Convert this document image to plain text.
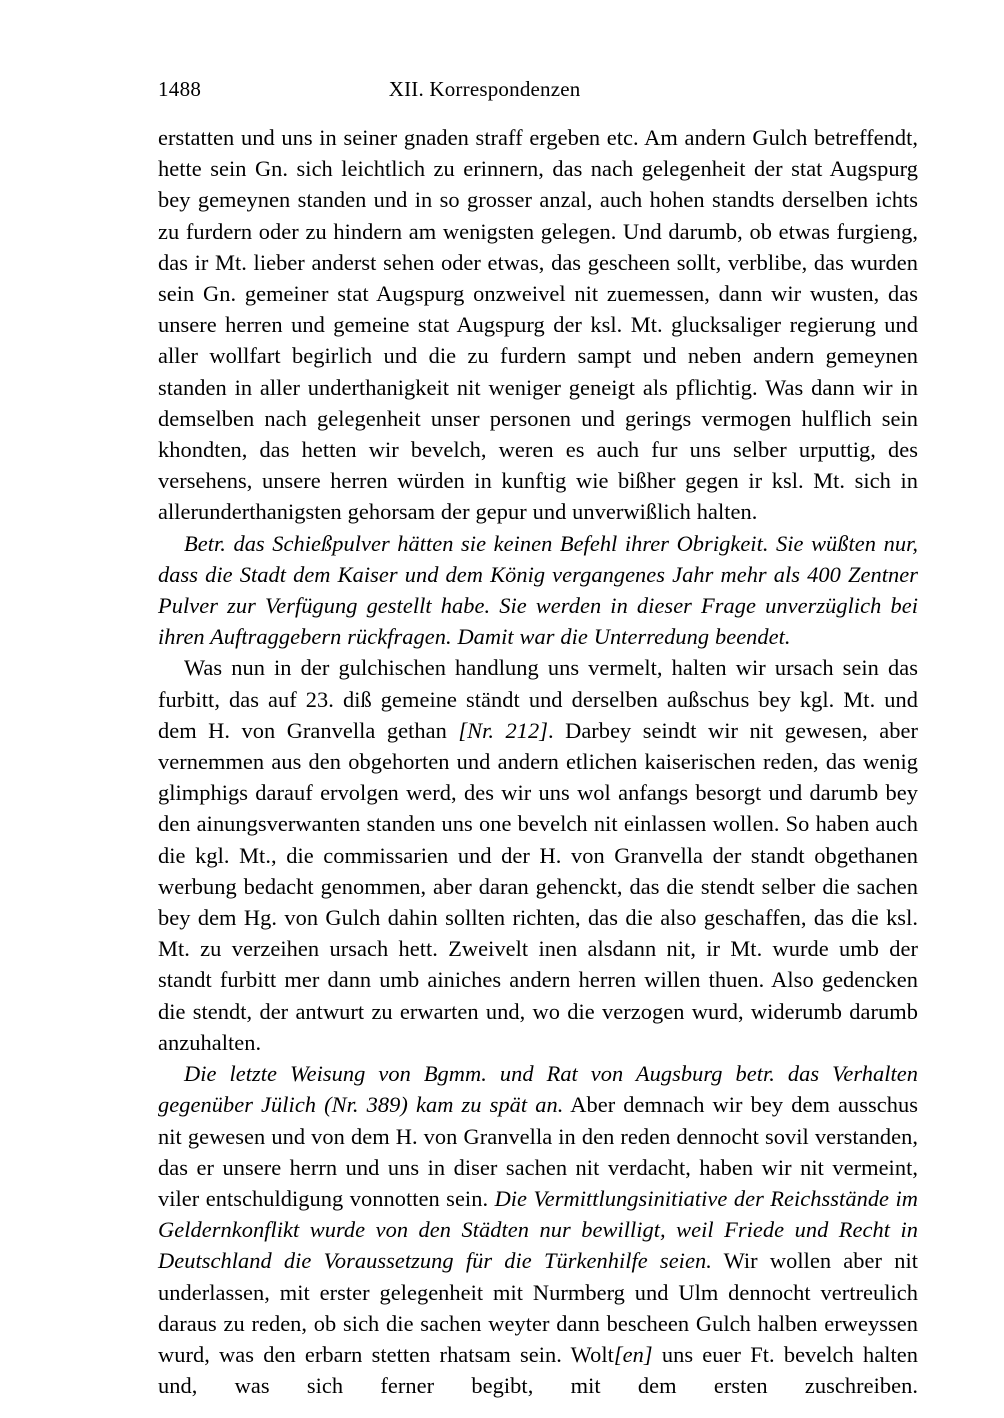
1488	XII. Korrespondenzen

erstatten und uns in seiner gnaden straff ergeben etc. Am andern Gulch betreffendt, hette sein Gn. sich leichtlich zu erinnern, das nach gelegenheit der stat Augspurg bey gemeynen standen und in so grosser anzal, auch hohen standts derselben ichts zu furdern oder zu hindern am wenigsten gelegen. Und darumb, ob etwas furgieng, das ir Mt. lieber anderst sehen oder etwas, das gescheen sollt, verblibe, das wurden sein Gn. gemeiner stat Augspurg onzweivel nit zuemessen, dann wir wusten, das unsere herren und gemeine stat Augspurg der ksl. Mt. glucksaliger regierung und aller wollfart begirlich und die zu furdern sampt und neben andern gemeynen standen in aller underthanigkeit nit weniger geneigt als pflichtig. Was dann wir in demselben nach gelegenheit unser personen und gerings vermogen hulflich sein khondten, das hetten wir bevelch, weren es auch fur uns selber urputtig, des versehens, unsere herren würden in kunftig wie bißher gegen ir ksl. Mt. sich in allerunderthanigsten gehorsam der gepur und unverwißlich halten.

Betr. das Schießpulver hätten sie keinen Befehl ihrer Obrigkeit. Sie wüßten nur, dass die Stadt dem Kaiser und dem König vergangenes Jahr mehr als 400 Zentner Pulver zur Verfügung gestellt habe. Sie werden in dieser Frage unverzüglich bei ihren Auftraggebern rückfragen. Damit war die Unterredung beendet.

Was nun in der gulchischen handlung uns vermelt, halten wir ursach sein das furbitt, das auf 23. diß gemeine ständt und derselben außschus bey kgl. Mt. und dem H. von Granvella gethan [Nr. 212]. Darbey seindt wir nit gewesen, aber vernemmen aus den obgehorten und andern etlichen kaiserischen reden, das wenig glimphigs darauf ervolgen werd, des wir uns wol anfangs besorgt und darumb bey den ainungsverwanten standen uns one bevelch nit einlassen wollen. So haben auch die kgl. Mt., die commissarien und der H. von Granvella der standt obgethanen werbung bedacht genommen, aber daran gehenckt, das die stendt selber die sachen bey dem Hg. von Gulch dahin sollten richten, das die also geschaffen, das die ksl. Mt. zu verzeihen ursach hett. Zweivelt inen alsdann nit, ir Mt. wurde umb der standt furbitt mer dann umb ainiches andern herren willen thuen. Also gedencken die stendt, der antwurt zu erwarten und, wo die verzogen wurd, widerumb darumb anzuhalten.

Die letzte Weisung von Bgmm. und Rat von Augsburg betr. das Verhalten gegenüber Jülich (Nr. 389) kam zu spät an. Aber demnach wir bey dem ausschus nit gewesen und von dem H. von Granvella in den reden dennocht sovil verstanden, das er unsere herrn und uns in diser sachen nit verdacht, haben wir nit vermeint, viler entschuldigung vonnotten sein. Die Vermittlungsinitiative der Reichsstände im Geldernkonflikt wurde von den Städten nur bewilligt, weil Friede und Recht in Deutschland die Voraussetzung für die Türkenhilfe seien. Wir wollen aber nit underlassen, mit erster gelegenheit mit Nurmberg und Ulm dennocht vertreulich daraus zu reden, ob sich die sachen weyter dann bescheen Gulch halben erweyssen wurd, was den erbarn stetten rhatsam sein. Wolt[en] uns euer Ft. bevelch halten und, was sich ferner begibt, mit dem ersten zuschreiben.
